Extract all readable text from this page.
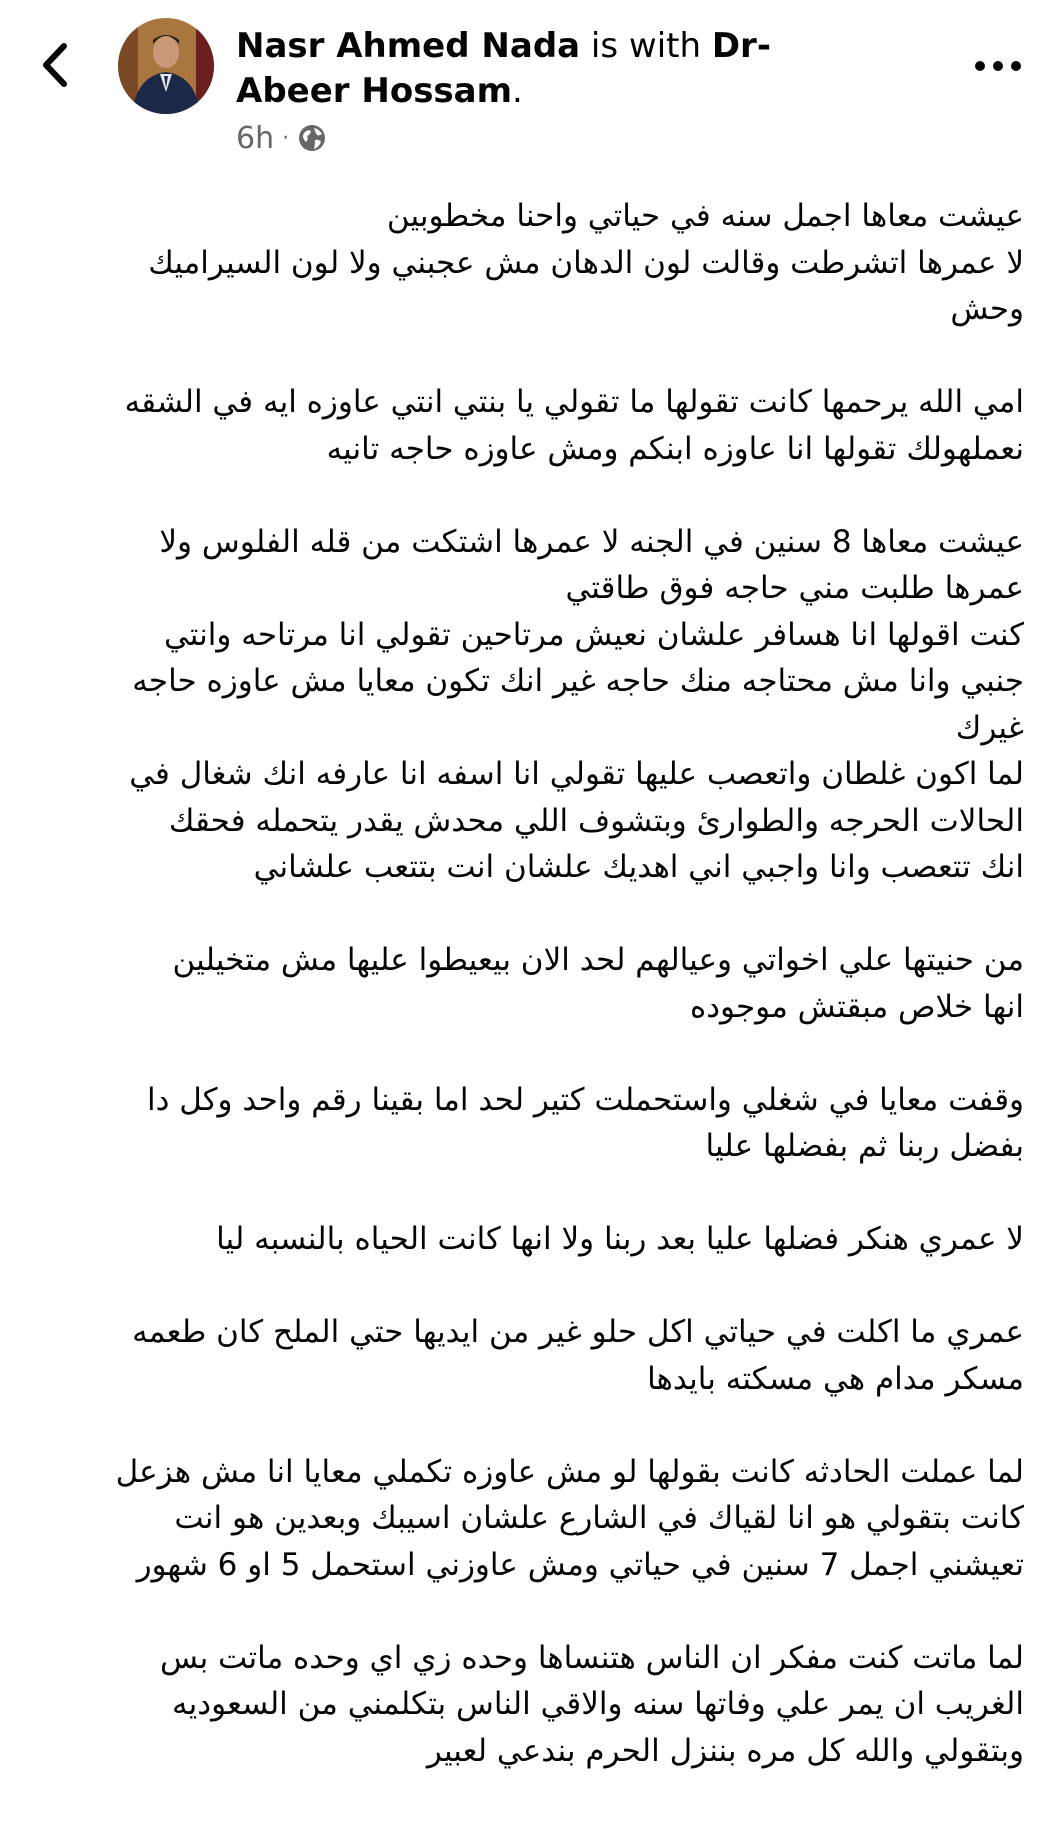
Nasr Ahmed Nada is with Dr-Abeer Hossam.
6h ·

عيشت معاها اجمل سنه في حياتي واحنا مخطوبين
لا عمرها اتشرطت وقالت لون الدهان مش عجبني ولا لون السيراميك
وحش

امي الله يرحمها كانت تقولها ما تقولي يا بنتي انتي عاوزه ايه في الشقه
نعملهولك تقولها انا عاوزه ابنكم ومش عاوزه حاجه تانيه

عيشت معاها 8 سنين في الجنه لا عمرها اشتكت من قله الفلوس ولا
عمرها طلبت مني حاجه فوق طاقتي
كنت اقولها انا هسافر علشان نعيش مرتاحين تقولي انا مرتاحه وانتي
جنبي وانا مش محتاجه منك حاجه غير انك تكون معايا مش عاوزه حاجه
غيرك
لما اكون غلطان واتعصب عليها تقولي انا اسفه انا عارفه انك شغال في
الحالات الحرجه والطوارئ وبتشوف اللي محدش يقدر يتحمله فحقك
انك تتعصب وانا واجبي اني اهديك علشان انت بتتعب علشاني

من حنيتها علي اخواتي وعيالهم لحد الان بيعيطوا عليها مش متخيلين
انها خلاص مبقتش موجوده

وقفت معايا في شغلي واستحملت كتير لحد اما بقينا رقم واحد وكل دا
بفضل ربنا ثم بفضلها عليا

لا عمري هنكر فضلها عليا بعد ربنا ولا انها كانت الحياه بالنسبه ليا

عمري ما اكلت في حياتي اكل حلو غير من ايديها حتي الملح كان طعمه
مسكر مدام هي مسكته بايدها

لما عملت الحادثه كانت بقولها لو مش عاوزه تكملي معايا انا مش هزعل
كانت بتقولي هو انا لقياك في الشارع علشان اسيبك وبعدين هو انت
تعيشني اجمل 7 سنين في حياتي ومش عاوزني استحمل 5 او 6 شهور

لما ماتت كنت مفكر ان الناس هتنساها وحده زي اي وحده ماتت بس
الغريب ان يمر علي وفاتها سنه والاقي الناس بتكلمني من السعوديه
وبتقولي والله كل مره بننزل الحرم بندعي لعبير
